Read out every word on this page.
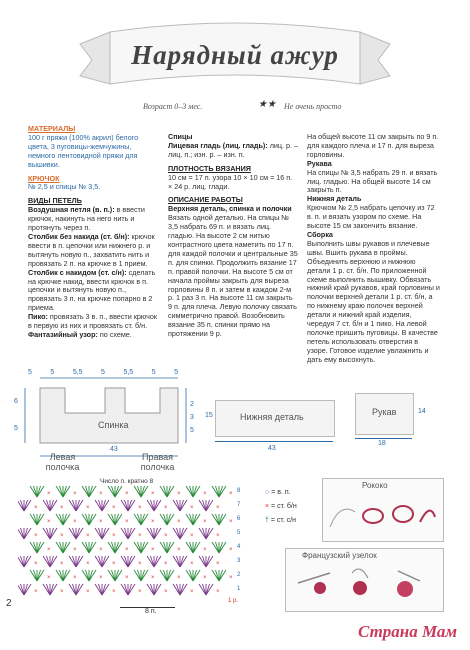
Нарядный ажур
Возраст 0–3 мес.	★★ Не очень просто

МАТЕРИАЛЫ

100 г пряжи (100% акрил) белого цвета, 3 пуговицы-жемчужины, немного лентовидной пряжи для вышивки.

КРЮЧОК

№ 2,5 и спицы № 3,5.

ВИДЫ ПЕТЕЛЬ

Воздушная петля (в. п.): в ввести крючок, накинуть на него нить и протянуть через п.

Столбик без накида (ст. б/н): крючок ввести в п. цепочки или нижнего р. и вытянуть новую п., захватить нить и провязать 2 п. на крючке в 1 прием.

Столбик с накидом (ст. с/н): сделать на крючке накид, ввести крючок в п. цепочки и вытянуть новую п., провязать 3 п. на крючке попарно в 2 приема.

Пико: провязать 3 в. п., ввести крючок в первую из них и провязать ст. б/н.

Фантазийный узор: по схеме.

Спицы

Лицевая гладь (лиц. гладь): лиц. р. – лиц. п.; изн. р. – изн. п.

ПЛОТНОСТЬ ВЯЗАНИЯ

10 см = 17 п. узора 10 × 10 см = 16 п. × 24 р. лиц. глади.

ОПИСАНИЕ РАБОТЫ

Верхняя деталь, спинка и полочки

Вязать одной деталью. На спицы № 3,5 набрать 69 п. и вязать лиц. гладью. На высоте 2 см нитью контрастного цвета наметить по 17 п. для каждой полочки и центральные 35 п. для спинки. Продолжить вязание 17 п. правой полочки. На высоте 5 см от начала проймы закрыть для выреза горловины 8 п. и затем в каждом 2-м р. 1 раз 3 п. На высоте 11 см закрыть 9 п. для плеча. Левую полочку связать симметрично правой. Возобновить вязание 35 п. спинки прямо на протяжении 9 р.

На общей высоте 11 см закрыть по 9 п. для каждого плеча и 17 п. для выреза горловины.

Рукава

На спицы № 3,5 набрать 29 п. и вязать лиц. гладью. На общей высоте 14 см закрыть п.

Нижняя деталь

Крючком № 2,5 набрать цепочку из 72 в. п. и вязать узором по схеме. На высоте 15 см закончить вязание.

Сборка

Выполнить швы рукавов и плечевые швы. Вшить рукава в проймы. Объединить верхнюю и нижнюю детали 1 р. ст. б/н. По приложенной схеме выполнить вышивку. Обвязать нижний край рукавов, край горловины и полочки верхней детали 1 р. ст. б/н, а по нижнему краю полочек верхней детали и нижний край изделия, чередуя 7 ст. б/н и 1 пико. На левой полочке пришить пуговицы. В качестве петель использовать отверстия в узоре. Готовое изделие увлажнить и дать ему высохнуть.

5	5	5,5	5	5,5	5	5
6
5	Спинка
43
2
3
5
Левая полочка
Правая полочка
Нижняя деталь
15
43
Рукав	14
18
Число п. кратно 8
×	×	×	×	×	×	×	×
×	×	×	×	×	×	×	×
×	×	×	×	×	×	×	×
×	×	×	×	×	×	×	×
×	×	×	×	×	×	×	×
×	×	×	×	×	×	×	×
×	×	×	×	×	×	×	×
×	×	×	×	×	×	×	× 8
7
6
5
4
3
2
1
1 р.
8 п.
○ = в. п.
× = ст. б/н
† = ст. с/н
Рококо
Французский узелок
2
Страна Мам
